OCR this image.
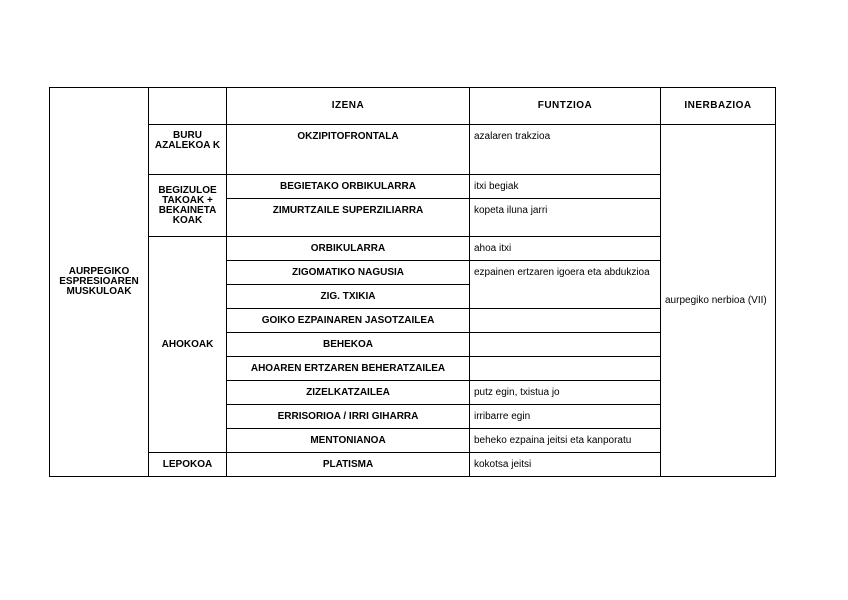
AURPEGIKO ESPRESIOAREN MUSKULOAK		IZENA	FUNTZIOA	INERBAZIOA
	BURU AZALEKOA K	OKZIPITOFRONTALA	azalaren trakzioa	aurpegiko nerbioa (VII)
	BEGIZULOE TAKOAK + BEKAINETA KOAK	BEGIETAKO ORBIKULARRA	itxi begiak	
		ZIMURTZAILE SUPERZILIARRA	kopeta iluna jarri	
	AHOKOAK	ORBIKULARRA	ahoa itxi	
		ZIGOMATIKO NAGUSIA	ezpainen ertzaren igoera eta abdukzioa	
		ZIG. TXIKIA		
		GOIKO EZPAINAREN JASOTZAILEA		
		BEHEKOA		
		AHOAREN ERTZAREN BEHERATZAILEA		
		ZIZELKATZAILEA	putz egin, txistua jo	
		ERRISORIOA / IRRI GIHARRA	irribarre egin	
		MENTONIANOA	beheko ezpaina jeitsi eta kanporatu	
	LEPOKOA	PLATISMA	kokotsa jeitsi	
